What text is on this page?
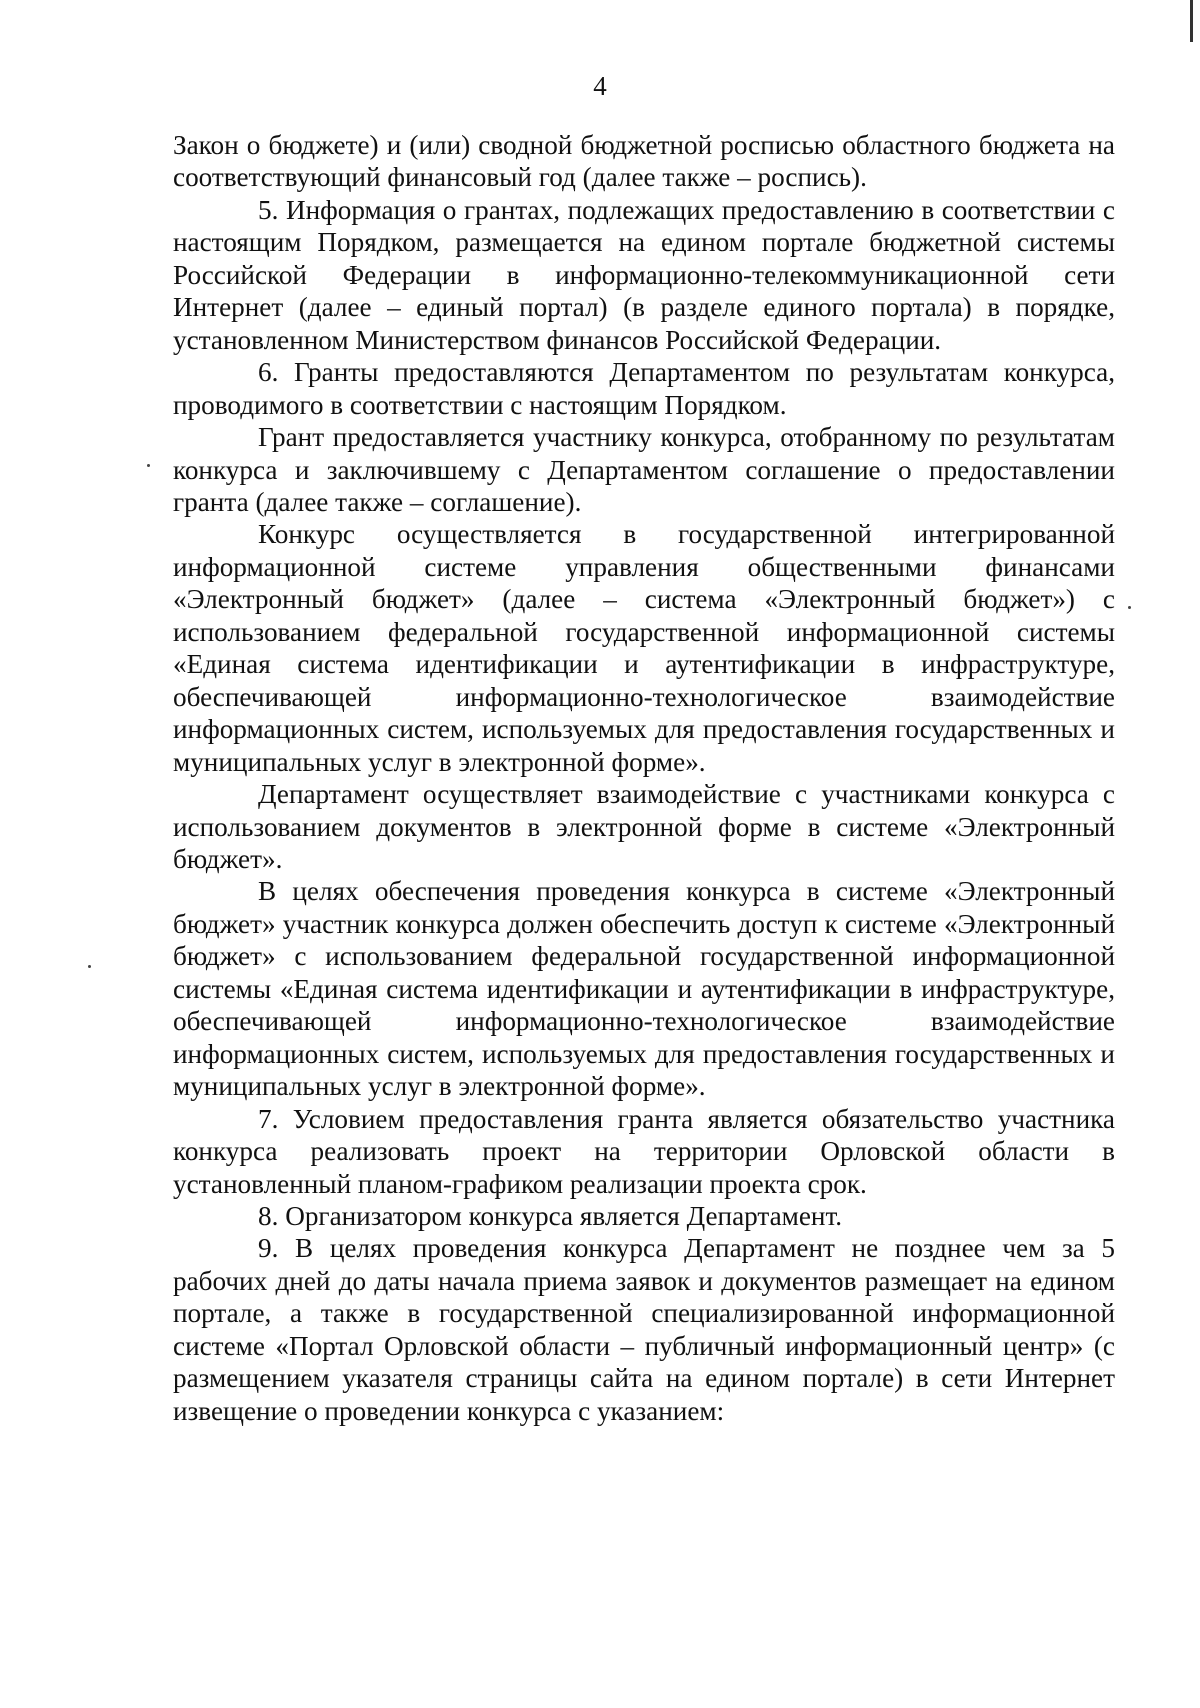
4

Закон о бюджете) и (или) сводной бюджетной росписью областного бюджета на соответствующий финансовый год (далее также – роспись).

5. Информация о грантах, подлежащих предоставлению в соответствии с настоящим Порядком, размещается на едином портале бюджетной системы Российской Федерации в информационно-телекоммуникационной сети Интернет (далее – единый портал) (в разделе единого портала) в порядке, установленном Министерством финансов Российской Федерации.

6. Гранты предоставляются Департаментом по результатам конкурса, проводимого в соответствии с настоящим Порядком.

Грант предоставляется участнику конкурса, отобранному по результатам конкурса и заключившему с Департаментом соглашение о предоставлении гранта (далее также – соглашение).

Конкурс осуществляется в государственной интегрированной информационной системе управления общественными финансами «Электронный бюджет» (далее – система «Электронный бюджет») с использованием федеральной государственной информационной системы «Единая система идентификации и аутентификации в инфраструктуре, обеспечивающей информационно-технологическое взаимодействие информационных систем, используемых для предоставления государственных и муниципальных услуг в электронной форме».

Департамент осуществляет взаимодействие с участниками конкурса с использованием документов в электронной форме в системе «Электронный бюджет».

В целях обеспечения проведения конкурса в системе «Электронный бюджет» участник конкурса должен обеспечить доступ к системе «Электронный бюджет» с использованием федеральной государственной информационной системы «Единая система идентификации и аутентификации в инфраструктуре, обеспечивающей информационно-технологическое взаимодействие информационных систем, используемых для предоставления государственных и муниципальных услуг в электронной форме».

7. Условием предоставления гранта является обязательство участника конкурса реализовать проект на территории Орловской области в установленный планом-графиком реализации проекта срок.

8. Организатором конкурса является Департамент.

9. В целях проведения конкурса Департамент не позднее чем за 5 рабочих дней до даты начала приема заявок и документов размещает на едином портале, а также в государственной специализированной информационной системе «Портал Орловской области – публичный информационный центр» (с размещением указателя страницы сайта на едином портале) в сети Интернет извещение о проведении конкурса с указанием:
